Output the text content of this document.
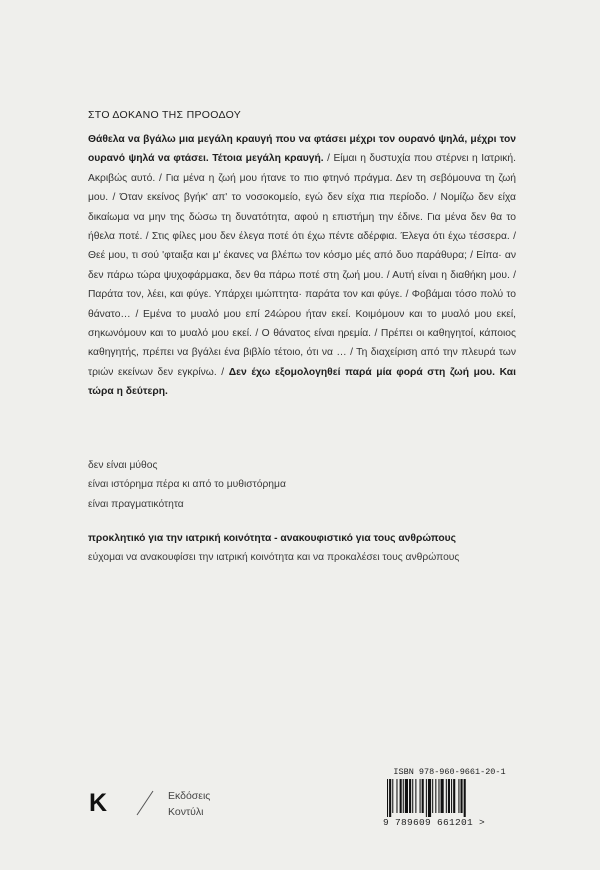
ΣΤΟ ΔΟΚΑΝΟ ΤΗΣ ΠΡΟΟΔΟΥ
Θάθελα να βγάλω μια μεγάλη κραυγή που να φτάσει μέχρι τον ουρανό ψηλά, μέχρι τον ουρανό ψηλά να φτάσει. Τέτοια μεγάλη κραυγή. / Είμαι η δυστυχία που στέρνει η Ιατρική. Ακριβώς αυτό. / Για μένα η ζωή μου ήτανε το πιο φτηνό πράγμα. Δεν τη σεβόμουνα τη ζωή μου. / Όταν εκείνος βγήκ' απ' το νοσοκομείο, εγώ δεν είχα πια περίοδο. / Νομίζω δεν είχα δικαίωμα να μην της δώσω τη δυνατότητα, αφού η επιστήμη την έδινε. Για μένα δεν θα το ήθελα ποτέ. / Στις φίλες μου δεν έλεγα ποτέ ότι έχω πέντε αδέρφια. Έλεγα ότι έχω τέσσερα. / Θεέ μου, τι σού 'φταιξα και μ' έκανες να βλέπω τον κόσμο μές από δυο παράθυρα; / Είπα· αν δεν πάρω τώρα ψυχοφάρμακα, δεν θα πάρω ποτέ στη ζωή μου. / Αυτή είναι η διαθήκη μου. / Παράτα τον, λέει, και φύγε. Υπάρχει ιμώπτητα· παράτα τον και φύγε. / Φοβάμαι τόσο πολύ το θάνατο… / Εμένα το μυαλό μου επί 24ώρου ήταν εκεί. Κοιμόμουν και το μυαλό μου εκεί, σηκωνόμουν και το μυαλό μου εκεί. / Ο θάνατος είναι ηρεμία. / Πρέπει οι καθηγητοί, κάποιος καθηγητής, πρέπει να βγάλει ένα βιβλίο τέτοιο, ότι να … / Τη διαχείριση από την πλευρά των τριών εκείνων δεν εγκρίνω. / Δεν έχω εξομολογηθεί παρά μία φορά στη ζωή μου. Και τώρα η δεύτερη.
δεν είναι μύθος
είναι ιστόρημα πέρα κι από το μυθιστόρημα
είναι πραγματικότητα
προκλητικό για την ιατρική κοινότητα - ανακουφιστικό για τους ανθρώπους
εύχομαι να ανακουφίσει την ιατρική κοινότητα και να προκαλέσει τους ανθρώπους
K	Εκδόσεις
Κοντύλι
ISBN 978-960-9661-20-1
9 789609 661201 >
